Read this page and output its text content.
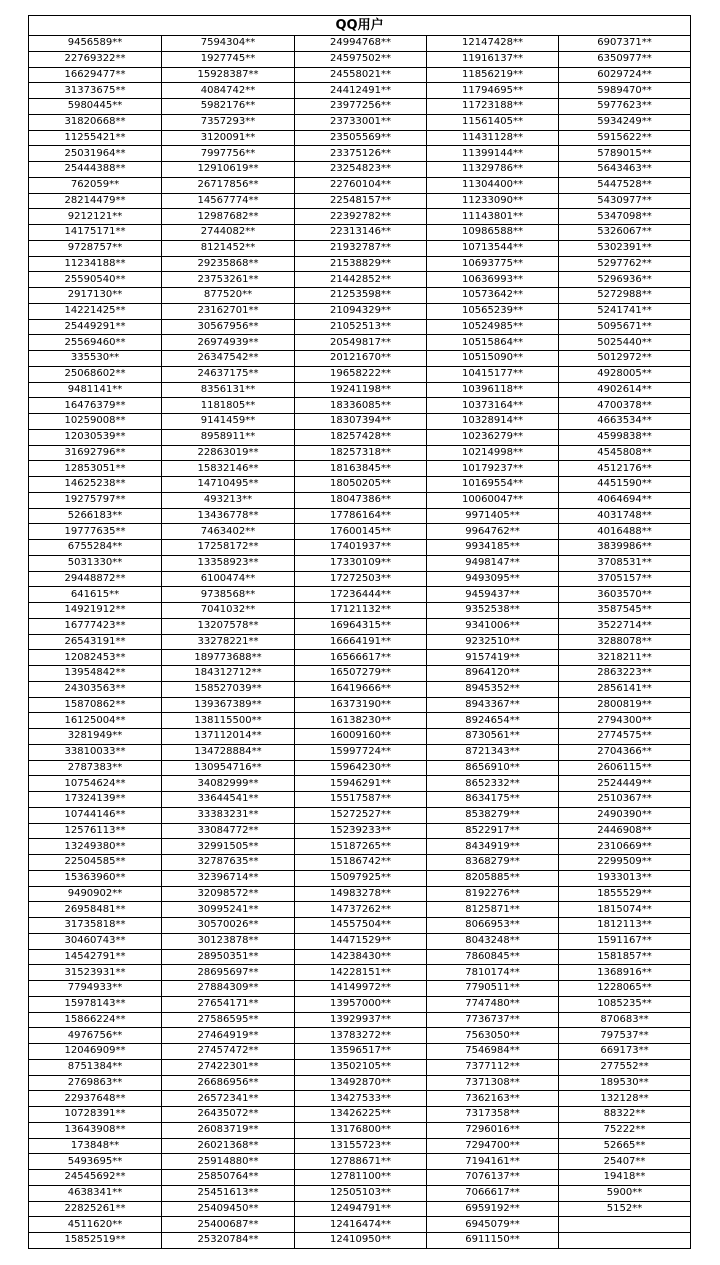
QQ用户				
9456589**	7594304**	24994768**	12147428**	6907371**
22769322**	1927745**	24597502**	11916137**	6350977**
16629477**	15928387**	24558021**	11856219**	6029724**
31373675**	4084742**	24412491**	11794695**	5989470**
5980445**	5982176**	23977256**	11723188**	5977623**
31820668**	7357293**	23733001**	11561405**	5934249**
11255421**	3120091**	23505569**	11431128**	5915622**
25031964**	7997756**	23375126**	11399144**	5789015**
25444388**	12910619**	23254823**	11329786**	5643463**
762059**	26717856**	22760104**	11304400**	5447528**
28214479**	14567774**	22548157**	11233090**	5430977**
9212121**	12987682**	22392782**	11143801**	5347098**
14175171**	2744082**	22313146**	10986588**	5326067**
9728757**	8121452**	21932787**	10713544**	5302391**
11234188**	29235868**	21538829**	10693775**	5297762**
25590540**	23753261**	21442852**	10636993**	5296936**
2917130**	877520**	21253598**	10573642**	5272988**
14221425**	23162701**	21094329**	10565239**	5241741**
25449291**	30567956**	21052513**	10524985**	5095671**
25569460**	26974939**	20549817**	10515864**	5025440**
335530**	26347542**	20121670**	10515090**	5012972**
25068602**	24637175**	19658222**	10415177**	4928005**
9481141**	8356131**	19241198**	10396118**	4902614**
16476379**	1181805**	18336085**	10373164**	4700378**
10259008**	9141459**	18307394**	10328914**	4663534**
12030539**	8958911**	18257428**	10236279**	4599838**
31692796**	22863019**	18257318**	10214998**	4545808**
12853051**	15832146**	18163845**	10179237**	4512176**
14625238**	14710495**	18050205**	10169554**	4451590**
19275797**	493213**	18047386**	10060047**	4064694**
5266183**	13436778**	17786164**	9971405**	4031748**
19777635**	7463402**	17600145**	9964762**	4016488**
6755284**	17258172**	17401937**	9934185**	3839986**
5031330**	13358923**	17330109**	9498147**	3708531**
29448872**	6100474**	17272503**	9493095**	3705157**
641615**	9738568**	17236444**	9459437**	3603570**
14921912**	7041032**	17121132**	9352538**	3587545**
16777423**	13207578**	16964315**	9341006**	3522714**
26543191**	33278221**	16664191**	9232510**	3288078**
12082453**	189773688**	16566617**	9157419**	3218211**
13954842**	184312712**	16507279**	8964120**	2863223**
24303563**	158527039**	16419666**	8945352**	2856141**
15870862**	139367389**	16373190**	8943367**	2800819**
16125004**	138115500**	16138230**	8924654**	2794300**
3281949**	137112014**	16009160**	8730561**	2774575**
33810033**	134728884**	15997724**	8721343**	2704366**
2787383**	130954716**	15964230**	8656910**	2606115**
10754624**	34082999**	15946291**	8652332**	2524449**
17324139**	33644541**	15517587**	8634175**	2510367**
10744146**	33383231**	15272527**	8538279**	2490390**
12576113**	33084772**	15239233**	8522917**	2446908**
13249380**	32991505**	15187265**	8434919**	2310669**
22504585**	32787635**	15186742**	8368279**	2299509**
15363960**	32396714**	15097925**	8205885**	1933013**
9490902**	32098572**	14983278**	8192276**	1855529**
26958481**	30995241**	14737262**	8125871**	1815074**
31735818**	30570026**	14557504**	8066953**	1812113**
30460743**	30123878**	14471529**	8043248**	1591167**
14542791**	28950351**	14238430**	7860845**	1581857**
31523931**	28695697**	14228151**	7810174**	1368916**
7794933**	27884309**	14149972**	7790511**	1228065**
15978143**	27654171**	13957000**	7747480**	1085235**
15866224**	27586595**	13929937**	7736737**	870683**
4976756**	27464919**	13783272**	7563050**	797537**
12046909**	27457472**	13596517**	7546984**	669173**
8751384**	27422301**	13502105**	7377112**	277552**
2769863**	26686956**	13492870**	7371308**	189530**
22937648**	26572341**	13427533**	7362163**	132128**
10728391**	26435072**	13426225**	7317358**	88322**
13643908**	26083719**	13176800**	7296016**	75222**
173848**	26021368**	13155723**	7294700**	52665**
5493695**	25914880**	12788671**	7194161**	25407**
24545692**	25850764**	12781100**	7076137**	19418**
4638341**	25451613**	12505103**	7066617**	5900**
22825261**	25409450**	12494791**	6959192**	5152**
4511620**	25400687**	12416474**	6945079**	
15852519**	25320784**	12410950**	6911150**	
